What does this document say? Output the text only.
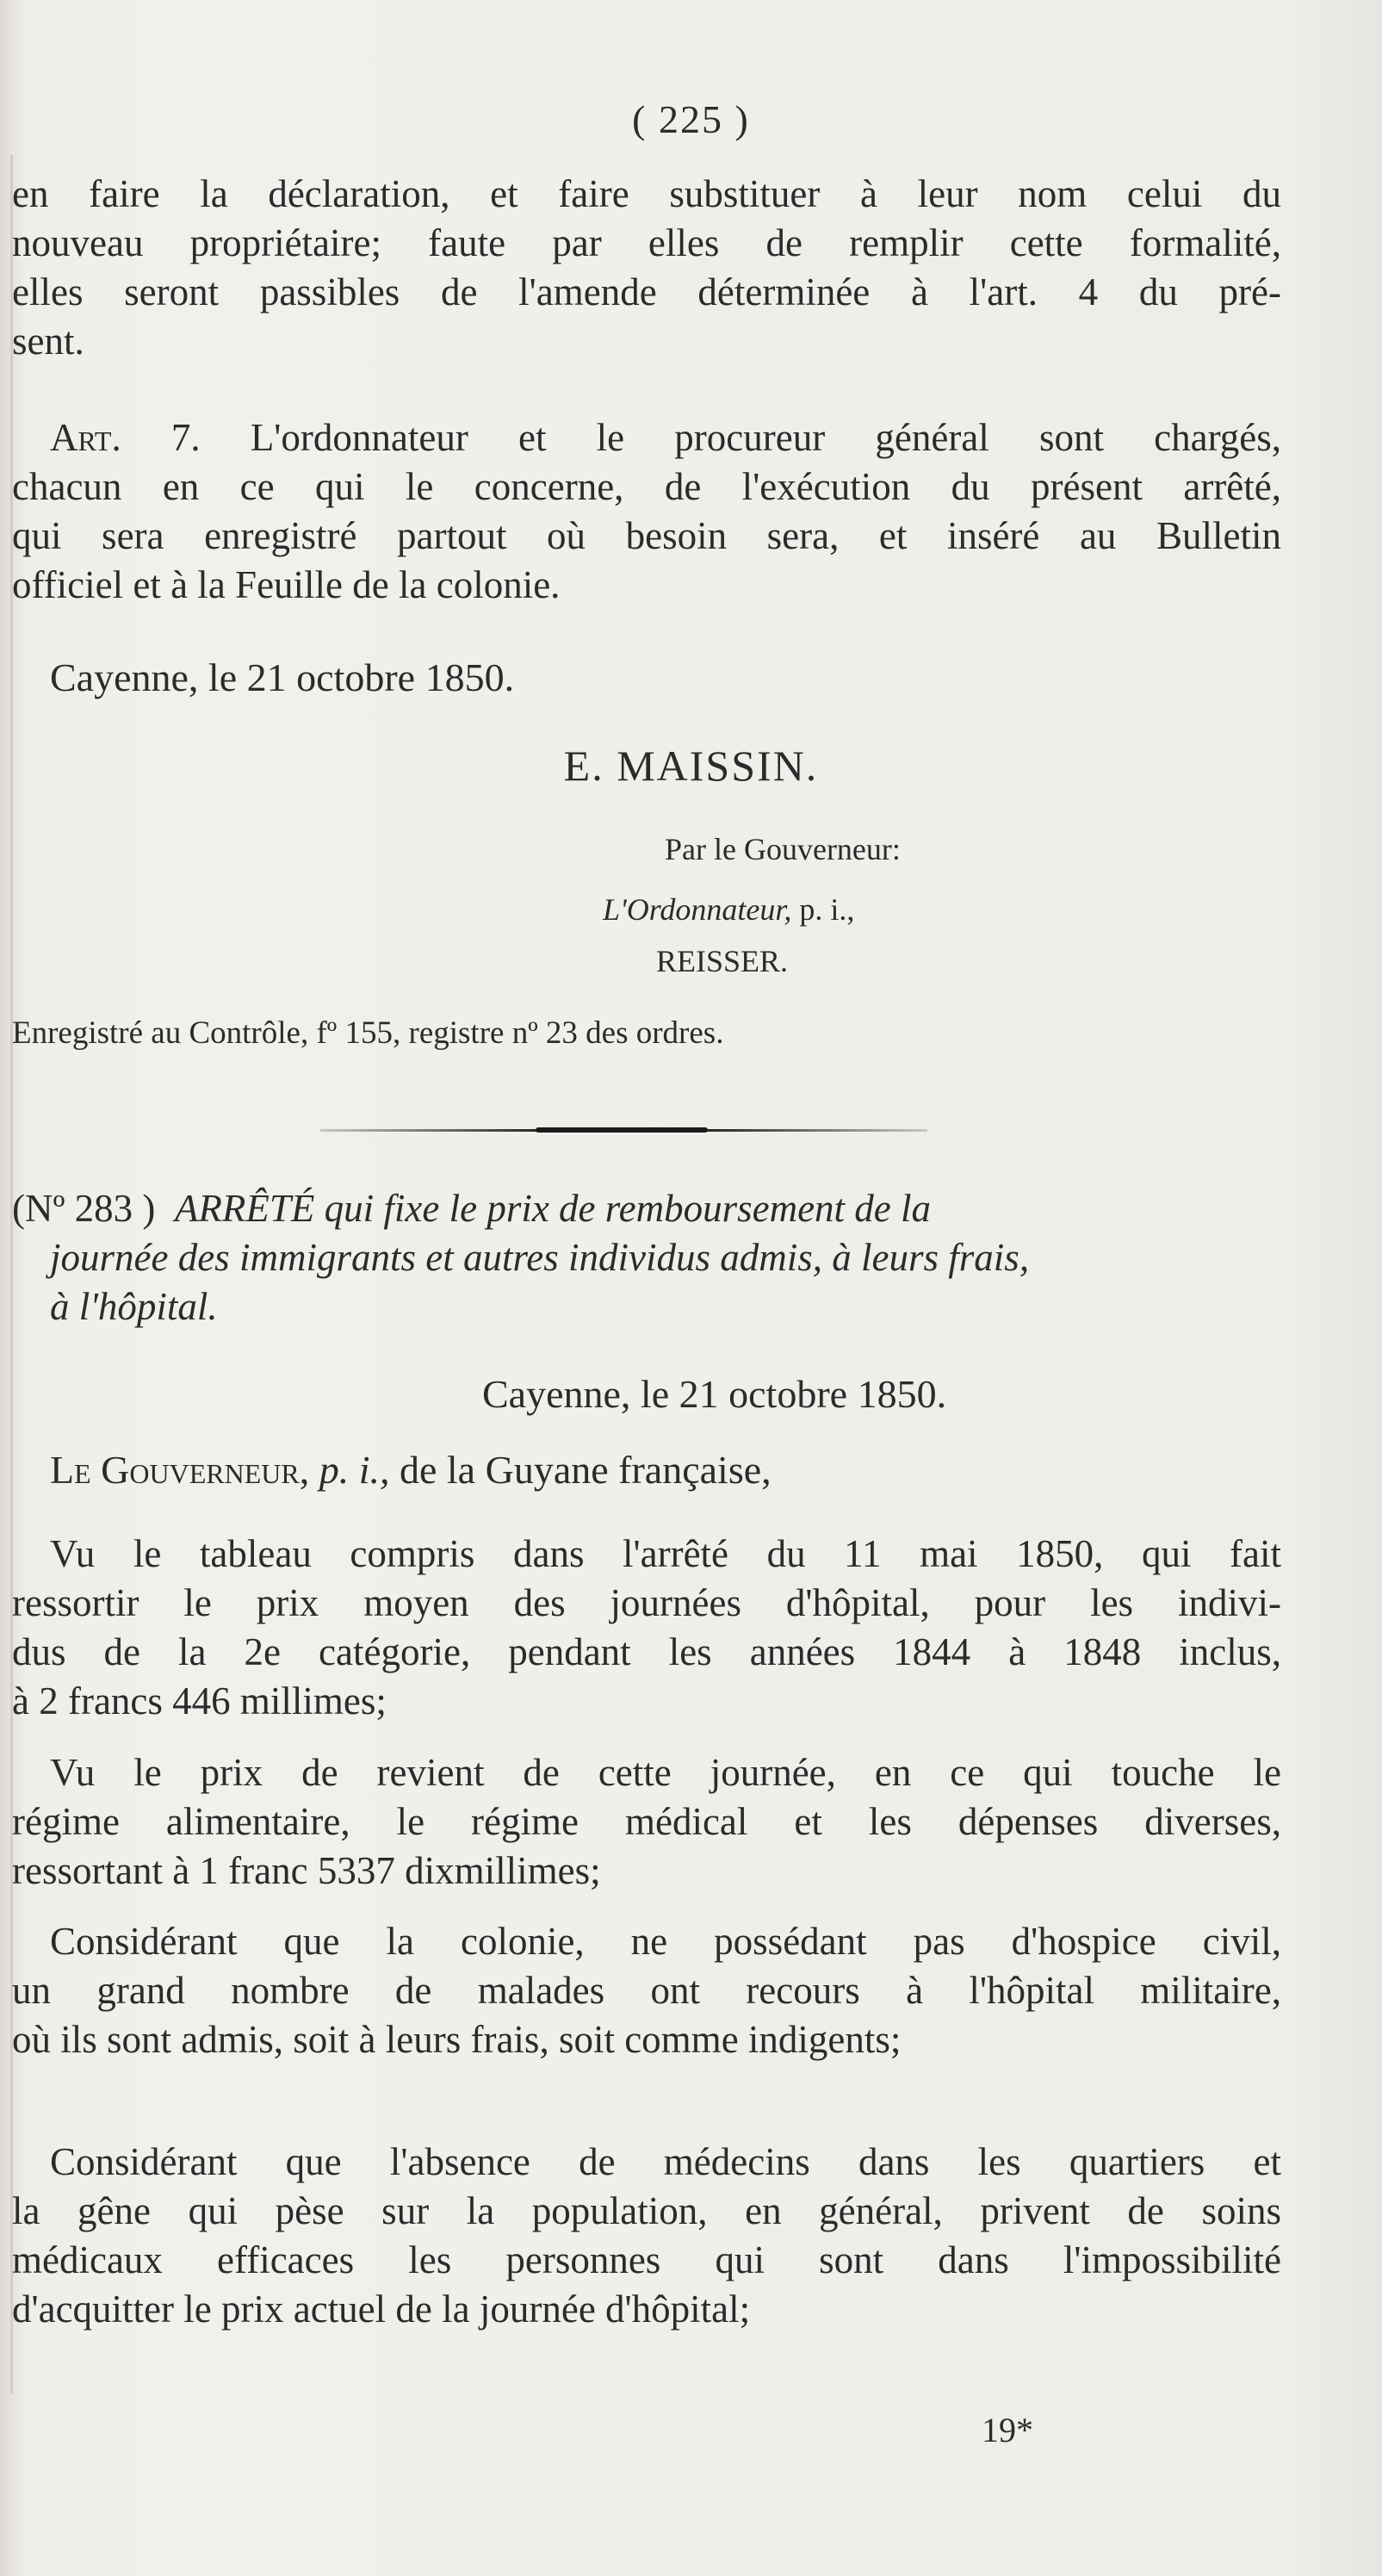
( 225 )
en faire la déclaration, et faire substituer à leur nom celui du
nouveau propriétaire; faute par elles de remplir cette formalité,
elles seront passibles de l'amende déterminée à l'art. 4 du pré-
sent.
Art. 7. L'ordonnateur et le procureur général sont chargés,
chacun en ce qui le concerne, de l'exécution du présent arrêté,
qui sera enregistré partout où besoin sera, et inséré au Bulletin
officiel et à la Feuille de la colonie.
Cayenne, le 21 octobre 1850.
E. MAISSIN.
Par le Gouverneur:
L'Ordonnateur, p. i.,
REISSER.
Enregistré au Contrôle, fº 155, registre nº 23 des ordres.
(Nº 283 ) ARRÊTÉ qui fixe le prix de remboursement de la
journée des immigrants et autres individus admis, à leurs frais,
à l'hôpital.
Cayenne, le 21 octobre 1850.
Le Gouverneur, p. i., de la Guyane française,
Vu le tableau compris dans l'arrêté du 11 mai 1850, qui fait
ressortir le prix moyen des journées d'hôpital, pour les indivi-
dus de la 2e catégorie, pendant les années 1844 à 1848 inclus,
à 2 francs 446 millimes;
Vu le prix de revient de cette journée, en ce qui touche le
régime alimentaire, le régime médical et les dépenses diverses,
ressortant à 1 franc 5337 dixmillimes;
Considérant que la colonie, ne possédant pas d'hospice civil,
un grand nombre de malades ont recours à l'hôpital militaire,
où ils sont admis, soit à leurs frais, soit comme indigents;
Considérant que l'absence de médecins dans les quartiers et
la gêne qui pèse sur la population, en général, privent de soins
médicaux efficaces les personnes qui sont dans l'impossibilité
d'acquitter le prix actuel de la journée d'hôpital;
19*
